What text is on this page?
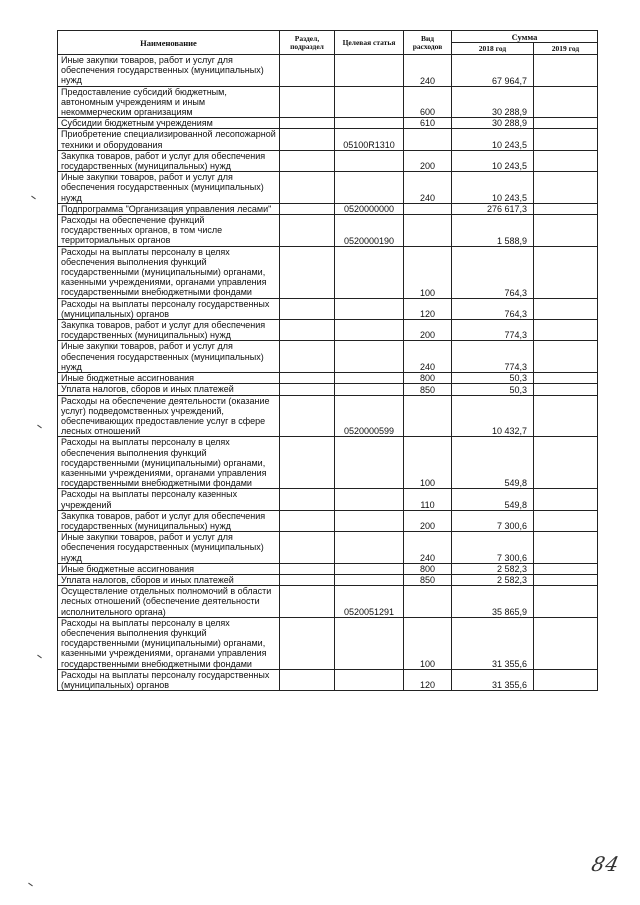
Наименование	Раздел, подраздел	Целевая статья	Вид расходов	Сумма	
				2018 год	2019 год
Иные закупки товаров, работ и услуг для обеспечения государственных (муниципальных) нужд			240	67 964,7	
Предоставление субсидий бюджетным, автономным учреждениям и иным некоммерческим организациям			600	30 288,9	
Субсидии бюджетным учреждениям			610	30 288,9	
Приобретение специализированной лесопожарной техники и оборудования		05100R1310		10 243,5	
Закупка товаров, работ и услуг для обеспечения государственных (муниципальных) нужд			200	10 243,5	
Иные закупки товаров, работ и услуг для обеспечения государственных (муниципальных) нужд			240	10 243,5	
Подпрограмма "Организация управления лесами"		0520000000		276 617,3	
Расходы на обеспечение функций государственных органов, в том числе территориальных органов		0520000190		1 588,9	
Расходы на выплаты персоналу в целях обеспечения выполнения функций государственными (муниципальными) органами, казенными учреждениями, органами управления государственными внебюджетными фондами			100	764,3	
Расходы на выплаты персоналу государственных (муниципальных) органов			120	764,3	
Закупка товаров, работ и услуг для обеспечения государственных (муниципальных) нужд			200	774,3	
Иные закупки товаров, работ и услуг для обеспечения государственных (муниципальных) нужд			240	774,3	
Иные бюджетные ассигнования			800	50,3	
Уплата налогов, сборов и иных платежей			850	50,3	
Расходы на обеспечение деятельности (оказание услуг) подведомственных учреждений, обеспечивающих предоставление услуг в сфере лесных отношений		0520000599		10 432,7	
Расходы на выплаты персоналу в целях обеспечения выполнения функций государственными (муниципальными) органами, казенными учреждениями, органами управления государственными внебюджетными фондами			100	549,8	
Расходы на выплаты персоналу казенных учреждений			110	549,8	
Закупка товаров, работ и услуг для обеспечения государственных (муниципальных) нужд			200	7 300,6	
Иные закупки товаров, работ и услуг для обеспечения государственных (муниципальных) нужд			240	7 300,6	
Иные бюджетные ассигнования			800	2 582,3	
Уплата налогов, сборов и иных платежей			850	2 582,3	
Осуществление отдельных полномочий в области лесных отношений (обеспечение деятельности исполнительного органа)		0520051291		35 865,9	
Расходы на выплаты персоналу в целях обеспечения выполнения функций государственными (муниципальными) органами, казенными учреждениями, органами управления государственными внебюджетными фондами			100	31 355,6	
Расходы на выплаты персоналу государственных (муниципальных) органов			120	31 355,6	
84
